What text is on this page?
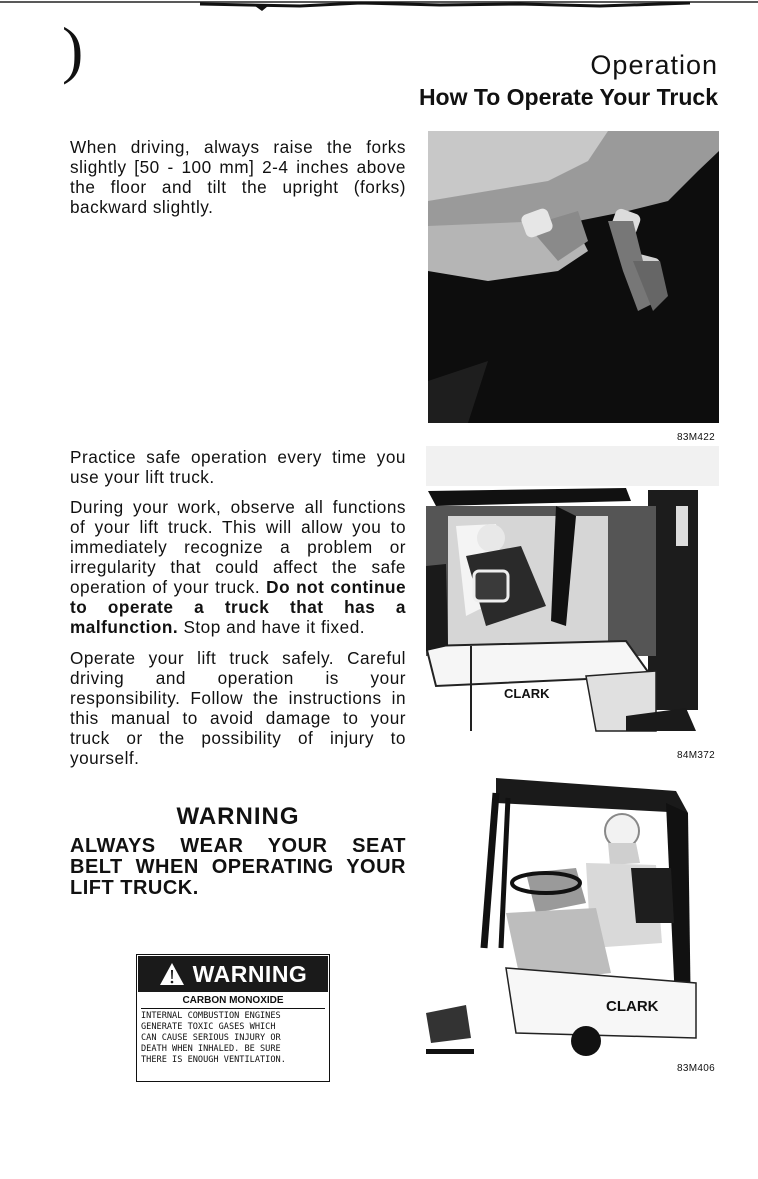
)	Operation
How To Operate Your Truck

When driving, always raise the forks slightly [50 - 100 mm] 2-4 inches above the floor and tilt the upright (forks) backward slightly.

Practice safe operation every time you use your lift truck.

During your work, observe all functions of your lift truck. This will allow you to immediately recognize a problem or irregularity that could affect the safe operation of your truck. Do not continue to operate a truck that has a malfunction. Stop and have it fixed.

Operate your lift truck safely. Careful driving and operation is your responsibility. Follow the instructions in this manual to avoid damage to your truck or the possibility of injury to yourself.

WARNING

ALWAYS WEAR YOUR SEAT BELT WHEN OPERATING YOUR LIFT TRUCK.

WARNING
CARBON MONOXIDE
INTERNAL COMBUSTION ENGINES
GENERATE TOXIC GASES WHICH
CAN CAUSE SERIOUS INJURY OR
DEATH WHEN INHALED. BE SURE
THERE IS ENOUGH VENTILATION.
CLARK
CLARK
83M422
84M372
83M406
